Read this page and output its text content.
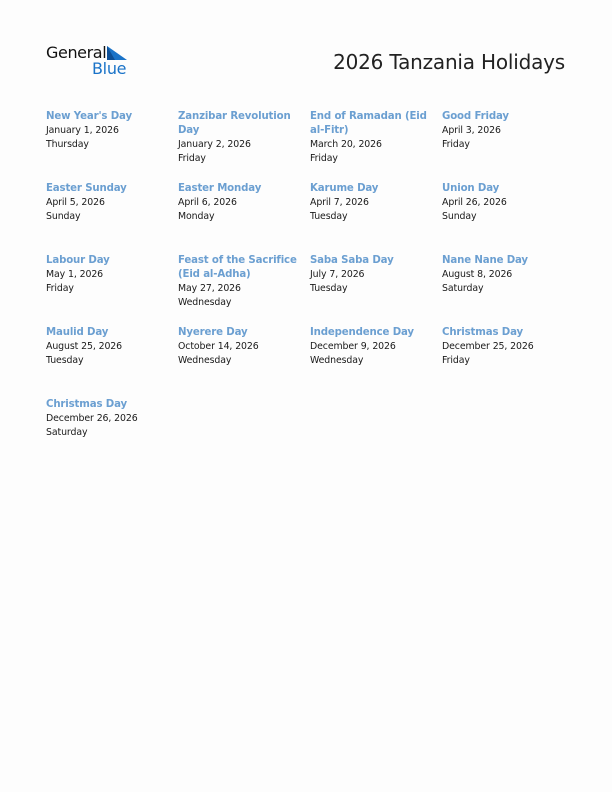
General
Blue	2026 Tanzania Holidays
New Year's Day
January 1, 2026
Thursday
Zanzibar Revolution Day
January 2, 2026
Friday
End of Ramadan (Eid al-Fitr)
March 20, 2026
Friday
Good Friday
April 3, 2026
Friday
Easter Sunday
April 5, 2026
Sunday
Easter Monday
April 6, 2026
Monday
Karume Day
April 7, 2026
Tuesday
Union Day
April 26, 2026
Sunday
Labour Day
May 1, 2026
Friday
Feast of the Sacrifice (Eid al-Adha)
May 27, 2026
Wednesday
Saba Saba Day
July 7, 2026
Tuesday
Nane Nane Day
August 8, 2026
Saturday
Maulid Day
August 25, 2026
Tuesday
Nyerere Day
October 14, 2026
Wednesday
Independence Day
December 9, 2026
Wednesday
Christmas Day
December 25, 2026
Friday
Christmas Day
December 26, 2026
Saturday
